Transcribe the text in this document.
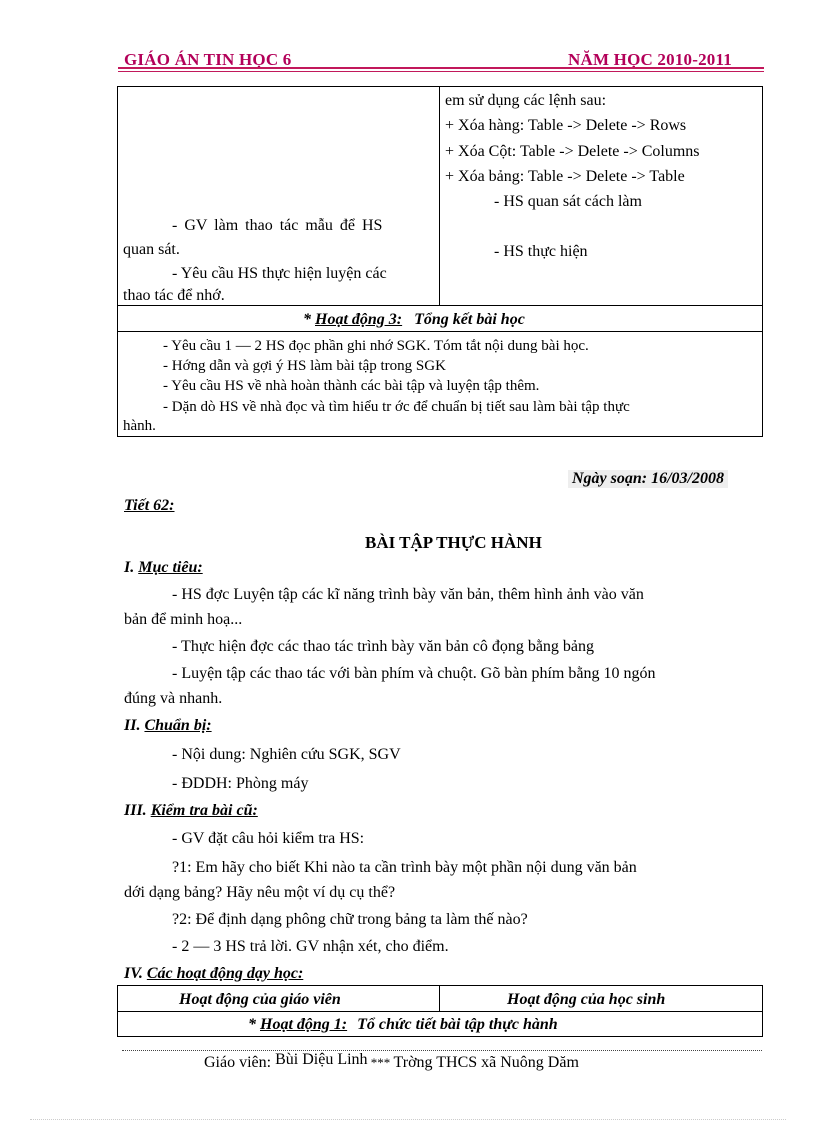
GIÁO ÁN TIN HỌC 6	NĂM HỌC 2010-2011
- GV làm thao tác mẫu để HS
quan sát.
- Yêu cầu HS thực hiện luyện các
thao tác để nhớ.
em sử dụng các lệnh sau:
+ Xóa hàng: Table -> Delete -> Rows
+ Xóa Cột: Table -> Delete -> Columns
+ Xóa bảng: Table -> Delete -> Table
- HS quan sát cách làm
- HS thực hiện
* Hoạt động 3: Tổng kết bài học
- Yêu cầu 1 — 2 HS đọc phần ghi nhớ SGK. Tóm tắt nội dung bài học.
- Hớng dẫn và gợi ý HS làm bài tập trong SGK
- Yêu cầu HS về nhà hoàn thành các bài tập và luyện tập thêm.
- Dặn dò HS về nhà đọc và tìm hiểu tr ớc để chuẩn bị tiết sau làm bài tập thực
hành.
Ngày soạn: 16/03/2008
Tiết 62:
BÀI TẬP THỰC HÀNH
I. Mục tiêu:
- HS đợc Luyện tập các kĩ năng trình bày văn bản, thêm hình ảnh vào văn
bản để minh hoạ...
- Thực hiện đợc các thao tác trình bày văn bản cô đọng bằng bảng
- Luyện tập các thao tác với bàn phím và chuột. Gõ bàn phím bằng 10 ngón
đúng và nhanh.
II. Chuẩn bị:
- Nội dung: Nghiên cứu SGK, SGV
- ĐDDH: Phòng máy
III. Kiểm tra bài cũ:
- GV đặt câu hỏi kiểm tra HS:
?1: Em hãy cho biết Khi nào ta cần trình bày một phần nội dung văn bản
dới dạng bảng? Hãy nêu một ví dụ cụ thể?
?2: Để định dạng phông chữ trong bảng ta làm thế nào?
- 2 — 3 HS trả lời. GV nhận xét, cho điểm.
IV. Các hoạt động dạy học:
Hoạt động của giáo viên	Hoạt động của học sinh
* Hoạt động 1: Tổ chức tiết bài tập thực hành
Giáo viên: Bùi Diệu Linh *** Trờng THCS xã Nuông Dăm
